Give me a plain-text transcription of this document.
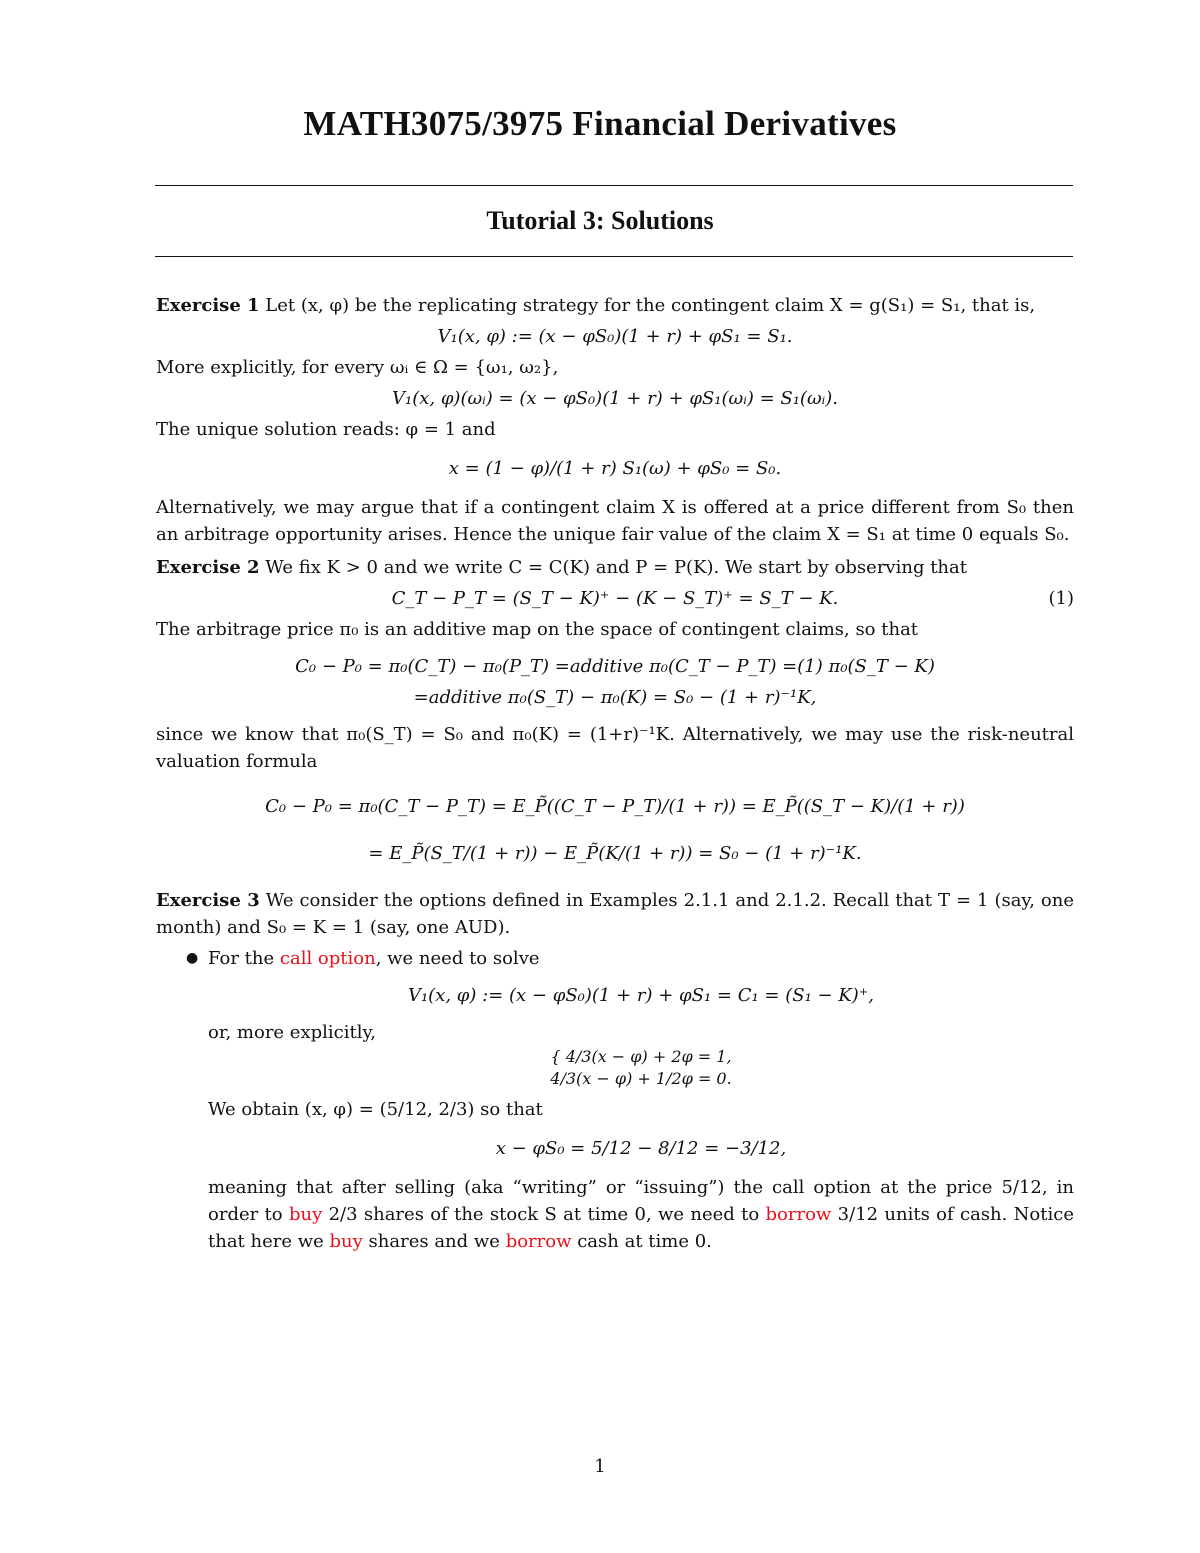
MATH3075/3975 Financial Derivatives
Tutorial 3: Solutions

Exercise 1 Let (x, φ) be the replicating strategy for the contingent claim X = g(S₁) = S₁, that is,

V₁(x, φ) := (x − φS₀)(1 + r) + φS₁ = S₁.

More explicitly, for every ωᵢ ∈ Ω = {ω₁, ω₂},

V₁(x, φ)(ωᵢ) = (x − φS₀)(1 + r) + φS₁(ωᵢ) = S₁(ωᵢ).

The unique solution reads: φ = 1 and

x = (1 − φ)/(1 + r) S₁(ω) + φS₀ = S₀.

Alternatively, we may argue that if a contingent claim X is offered at a price different from S₀ then an arbitrage opportunity arises. Hence the unique fair value of the claim X = S₁ at time 0 equals S₀.

Exercise 2 We fix K > 0 and we write C = C(K) and P = P(K). We start by observing that

C_T − P_T = (S_T − K)⁺ − (K − S_T)⁺ = S_T − K.	(1)

The arbitrage price π₀ is an additive map on the space of contingent claims, so that

C₀ − P₀ = π₀(C_T) − π₀(P_T) =additive π₀(C_T − P_T) =(1) π₀(S_T − K)
=additive π₀(S_T) − π₀(K) = S₀ − (1 + r)⁻¹K,

since we know that π₀(S_T) = S₀ and π₀(K) = (1+r)⁻¹K. Alternatively, we may use the risk-neutral valuation formula

C₀ − P₀ = π₀(C_T − P_T) = E_P̃((C_T − P_T)/(1 + r)) = E_P̃((S_T − K)/(1 + r))
= E_P̃(S_T/(1 + r)) − E_P̃(K/(1 + r)) = S₀ − (1 + r)⁻¹K.

Exercise 3 We consider the options defined in Examples 2.1.1 and 2.1.2. Recall that T = 1 (say, one month) and S₀ = K = 1 (say, one AUD).

● For the call option, we need to solve
V₁(x, φ) := (x − φS₀)(1 + r) + φS₁ = C₁ = (S₁ − K)⁺,

or, more explicitly,

{ 4/3(x − φ) + 2φ = 1,
4/3(x − φ) + 1/2φ = 0.

We obtain (x, φ) = (5/12, 2/3) so that

x − φS₀ = 5/12 − 8/12 = −3/12,

meaning that after selling (aka “writing” or “issuing”) the call option at the price 5/12, in order to buy 2/3 shares of the stock S at time 0, we need to borrow 3/12 units of cash. Notice that here we buy shares and we borrow cash at time 0.

1
